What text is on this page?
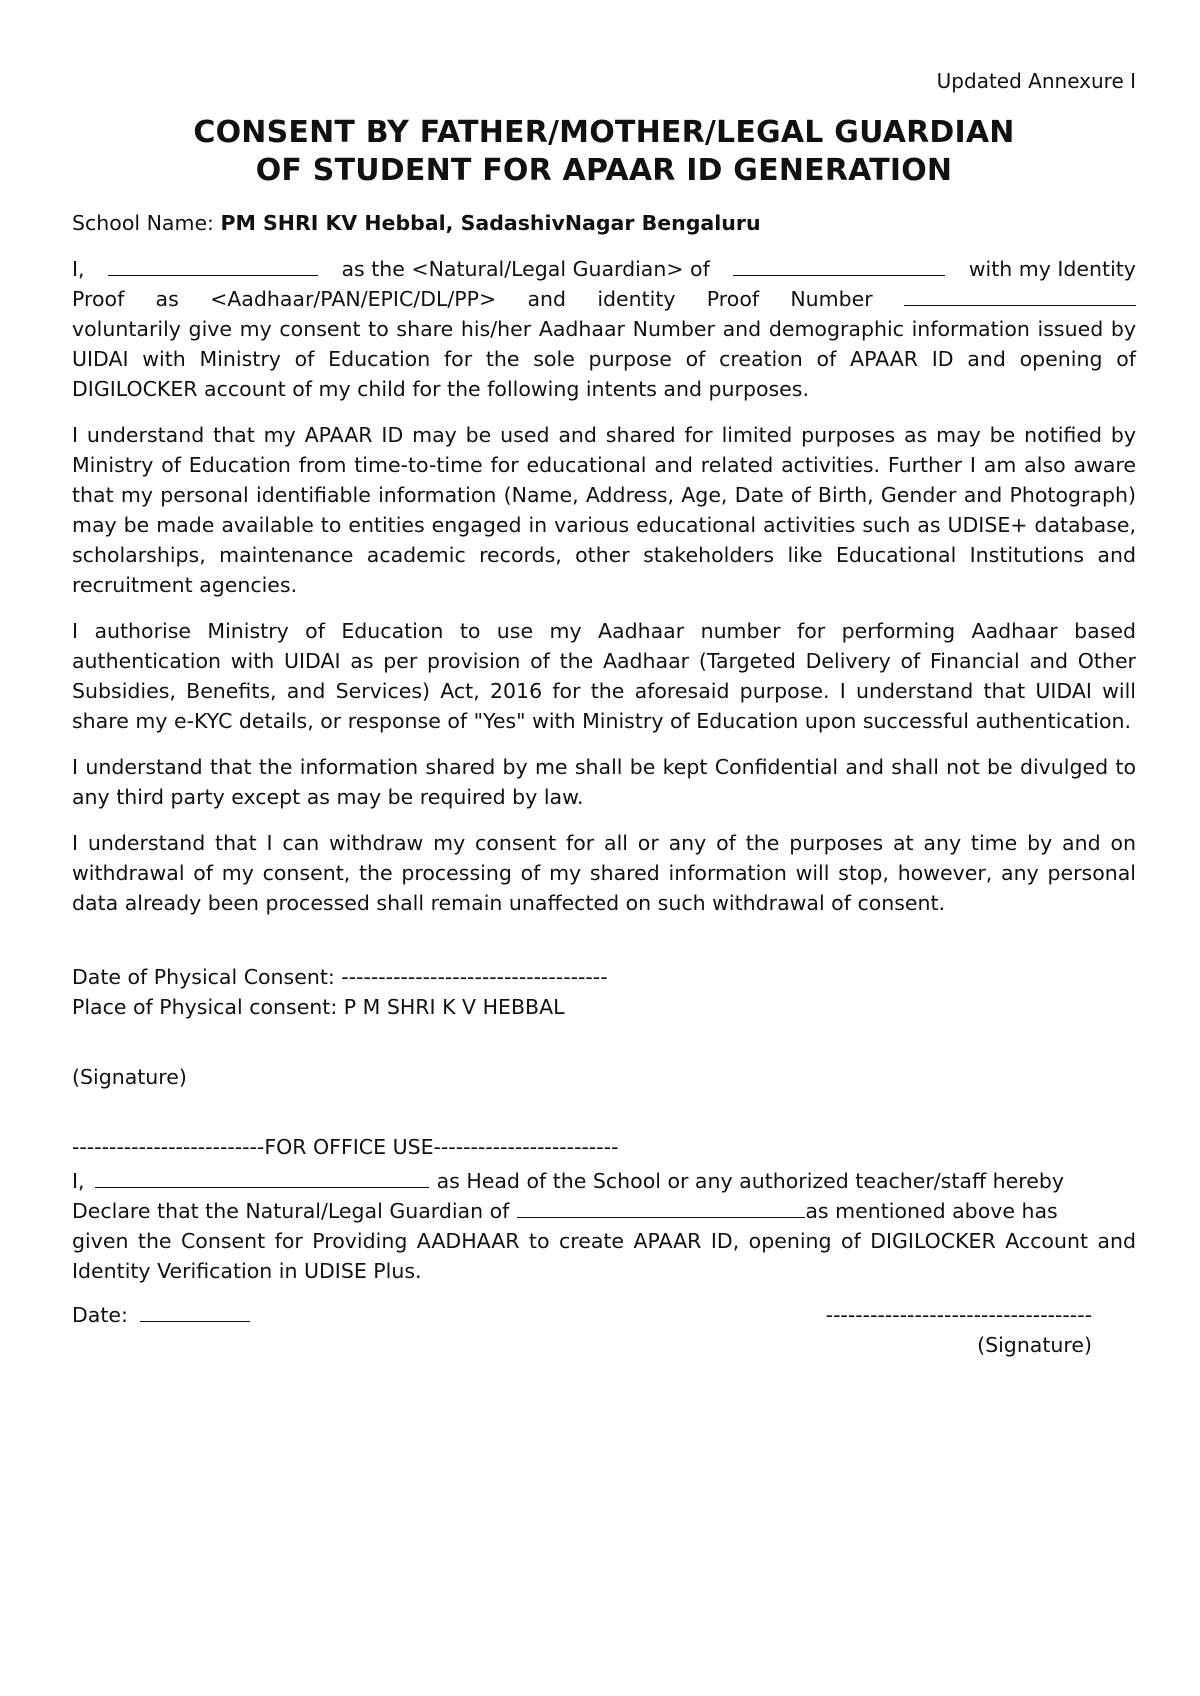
Updated Annexure I
CONSENT BY FATHER/MOTHER/LEGAL GUARDIAN
OF STUDENT FOR APAAR ID GENERATION
School Name: PM SHRI KV Hebbal, SadashivNagar Bengaluru
I,	as the <Natural/Legal Guardian> of	with my Identity
Proof as <Aadhaar/PAN/EPIC/DL/PP> and identity Proof Number

voluntarily give my consent to share his/her Aadhaar Number and demographic information issued by UIDAI with Ministry of Education for the sole purpose of creation of APAAR ID and opening of DIGILOCKER account of my child for the following intents and purposes.

I understand that my APAAR ID may be used and shared for limited purposes as may be notified by Ministry of Education from time-to-time for educational and related activities. Further I am also aware that my personal identifiable information (Name, Address, Age, Date of Birth, Gender and Photograph) may be made available to entities engaged in various educational activities such as UDISE+ database, scholarships, maintenance academic records, other stakeholders like Educational Institutions and recruitment agencies.

I authorise Ministry of Education to use my Aadhaar number for performing Aadhaar based authentication with UIDAI as per provision of the Aadhaar (Targeted Delivery of Financial and Other Subsidies, Benefits, and Services) Act, 2016 for the aforesaid purpose. I understand that UIDAI will share my e-KYC details, or response of "Yes" with Ministry of Education upon successful authentication.

I understand that the information shared by me shall be kept Confidential and shall not be divulged to any third party except as may be required by law.

I understand that I can withdraw my consent for all or any of the purposes at any time by and on withdrawal of my consent, the processing of my shared information will stop, however, any personal data already been processed shall remain unaffected on such withdrawal of consent.

Date of Physical Consent: ------------------------------------

Place of Physical consent: P M SHRI K V HEBBAL

(Signature)

--------------------------FOR OFFICE USE-------------------------

I,	as Head of the School or any authorized teacher/staff hereby
Declare that the Natural/Legal Guardian of	as mentioned above has

given the Consent for Providing AADHAAR to create APAAR ID, opening of DIGILOCKER Account and Identity Verification in UDISE Plus.

Date:	------------------------------------
(Signature)
